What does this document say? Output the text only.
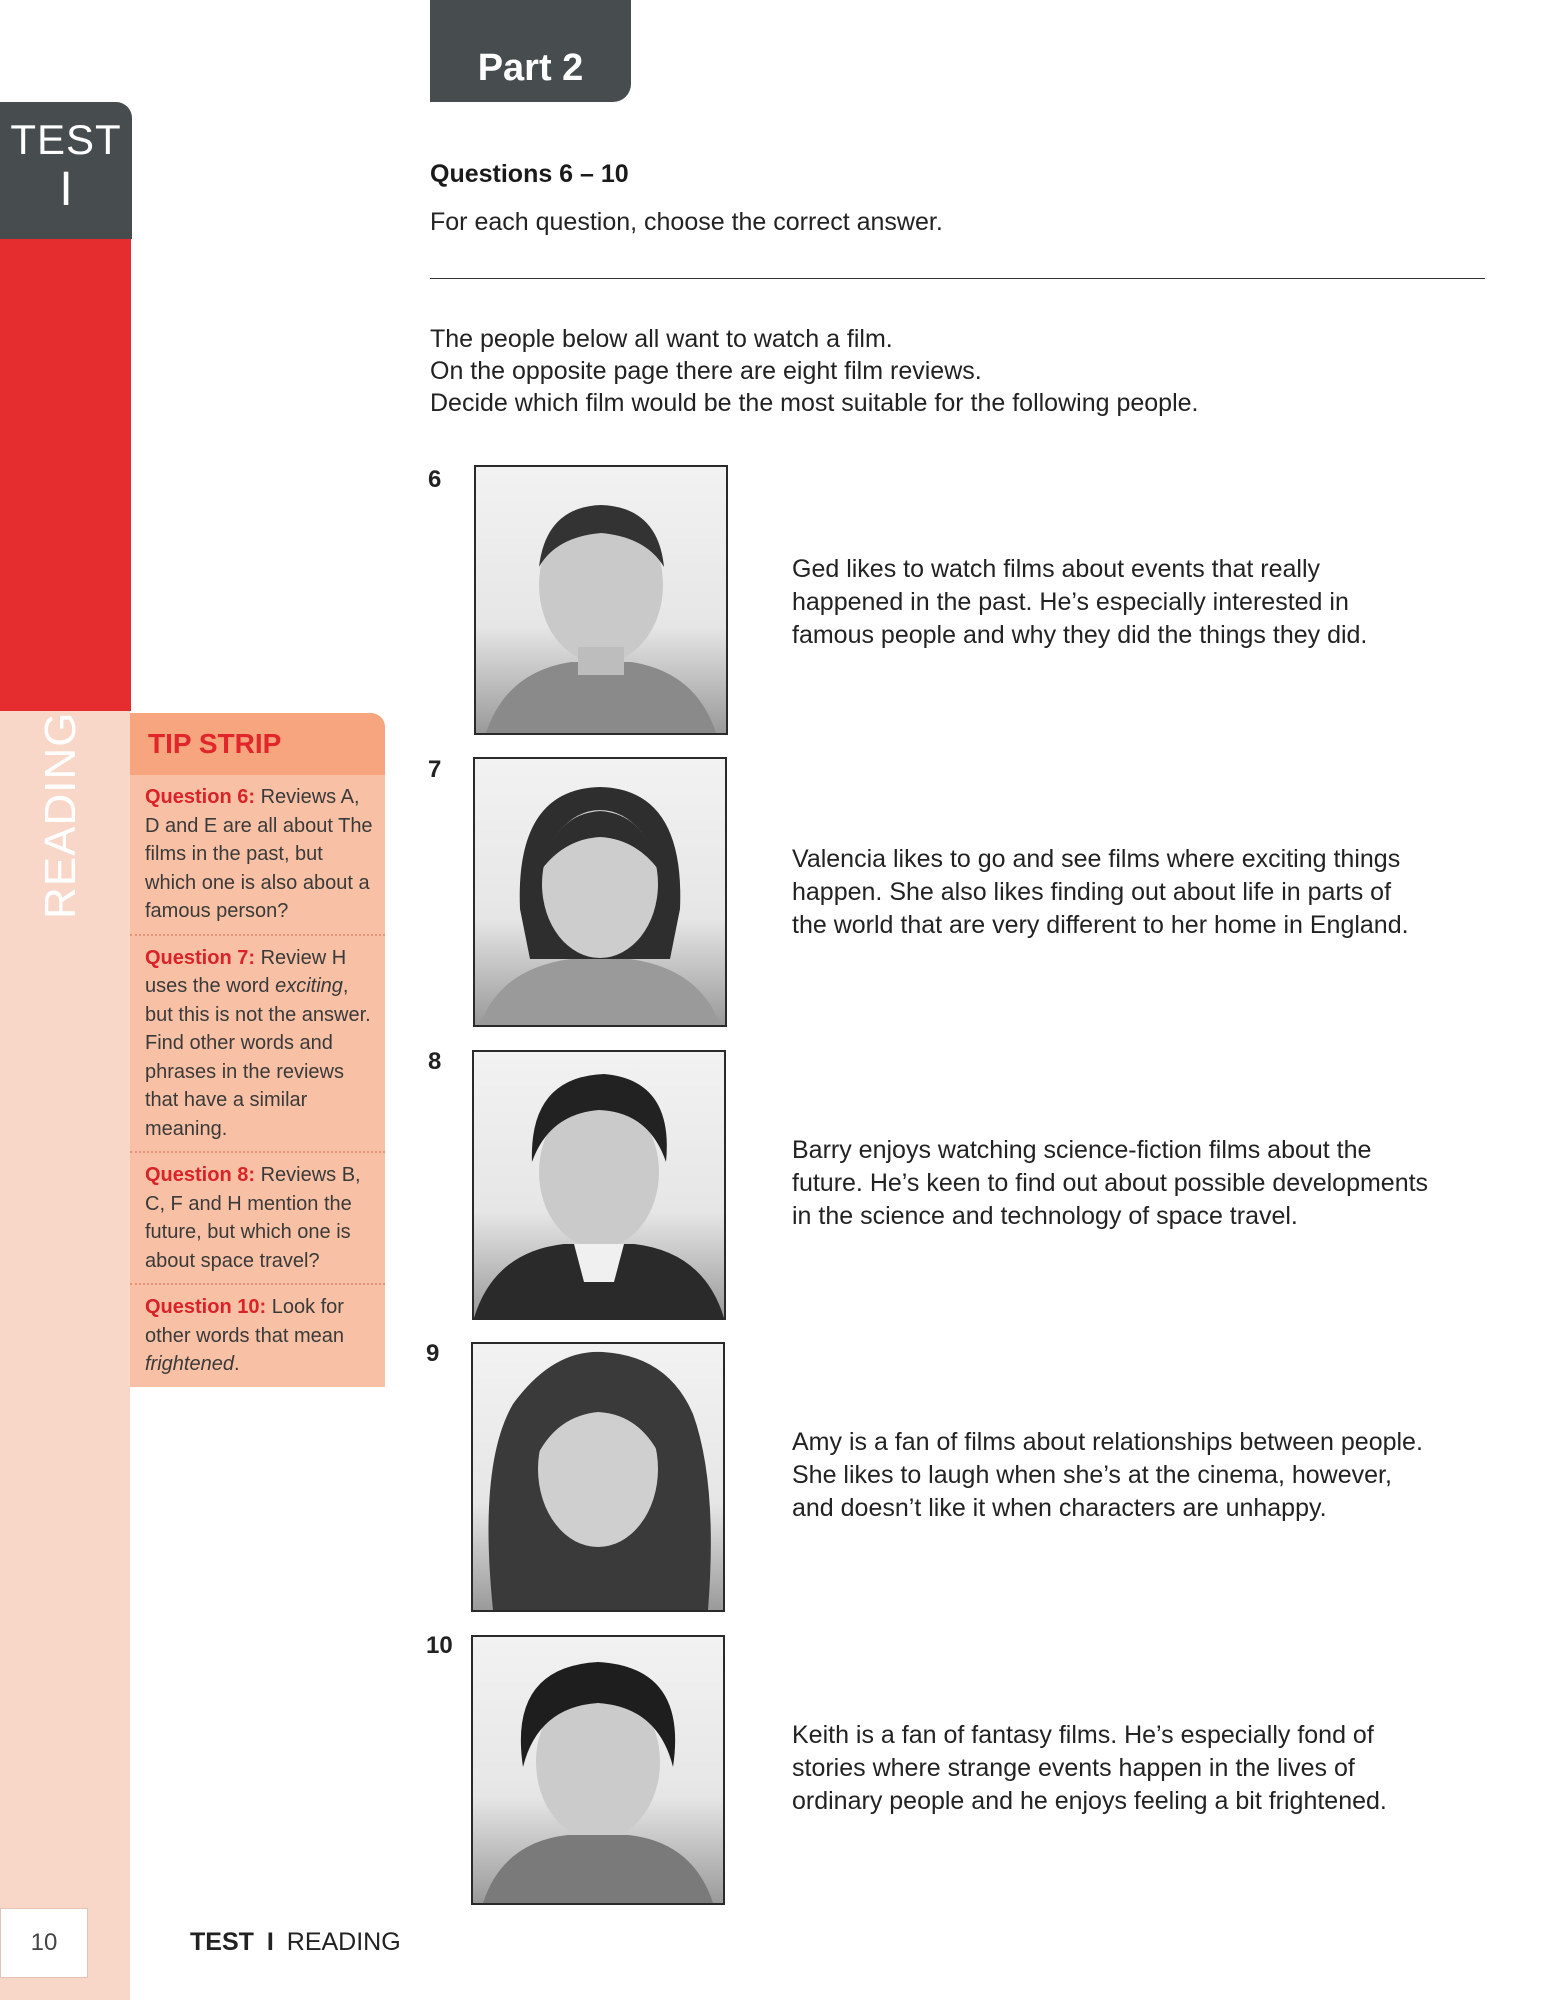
READING
TEST
I
TIP STRIP
Question 6: Reviews A, D and E are all about The films in the past, but which one is also about a famous person?
Question 7: Review H uses the word exciting, but this is not the answer. Find other words and phrases in the reviews that have a similar meaning.
Question 8: Reviews B, C, F and H mention the future, but which one is about space travel?
Question 10: Look for other words that mean frightened.
Part 2
Questions 6 – 10
For each question, choose the correct answer.
The people below all want to watch a film.
On the opposite page there are eight film reviews.
Decide which film would be the most suitable for the following people.
6
Ged likes to watch films about events that really
happened in the past. He’s especially interested in
famous people and why they did the things they did.
7
Valencia likes to go and see films where exciting things
happen. She also likes finding out about life in parts of
the world that are very different to her home in England.
8
Barry enjoys watching science-fiction films about the
future. He’s keen to find out about possible developments
in the science and technology of space travel.
9
Amy is a fan of films about relationships between people.
She likes to laugh when she’s at the cinema, however,
and doesn’t like it when characters are unhappy.
10
Keith is a fan of fantasy films. He’s especially fond of
stories where strange events happen in the lives of
ordinary people and he enjoys feeling a bit frightened.
10	TEST I READING
